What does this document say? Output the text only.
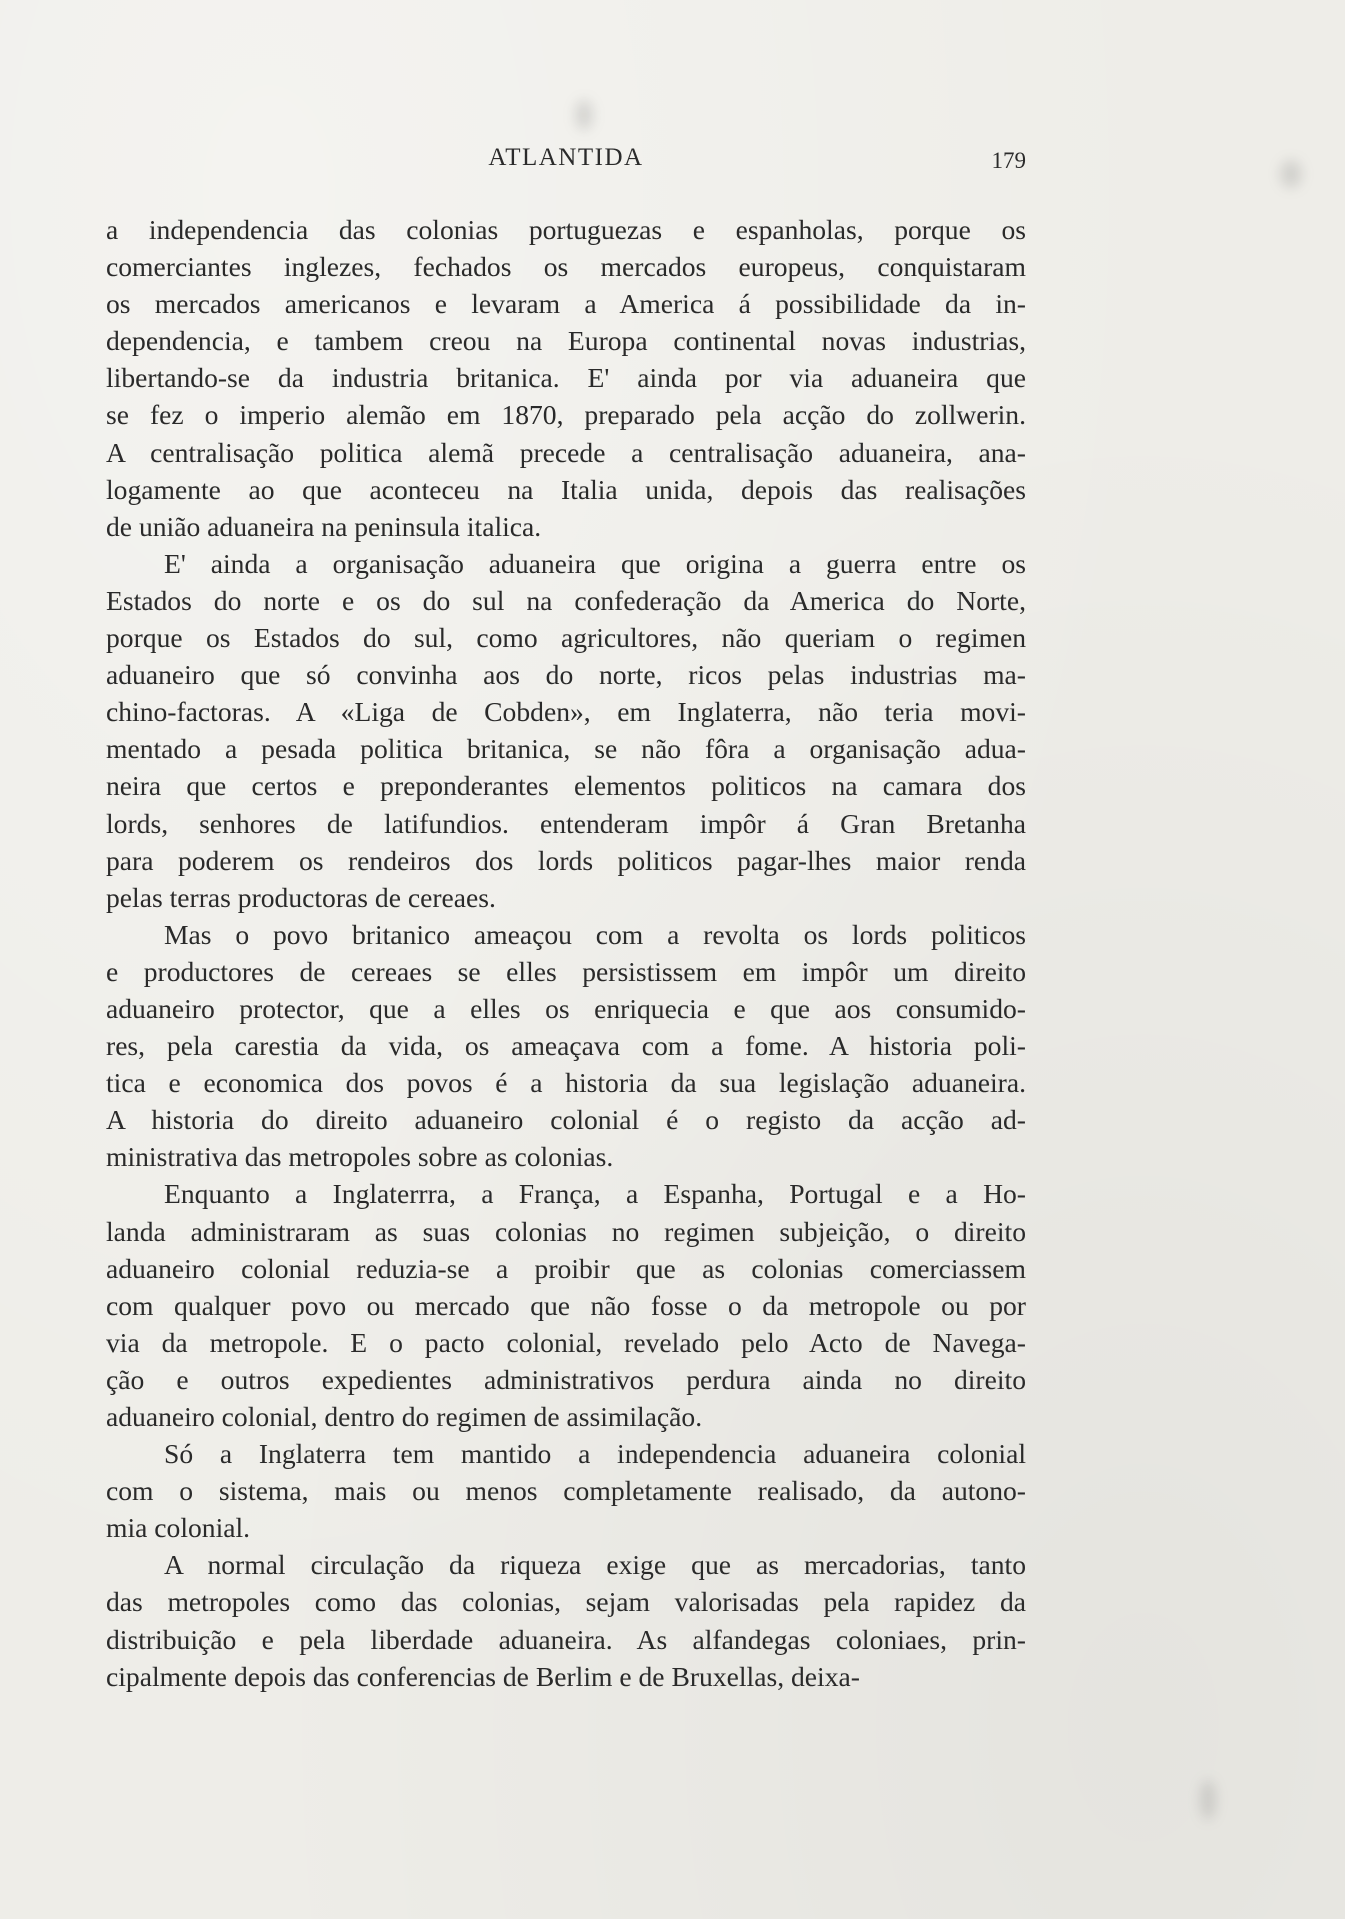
ATLANTIDA	179
a independencia das colonias portuguezas e espanholas, porque os
comerciantes inglezes, fechados os mercados europeus, conquistaram
os mercados americanos e levaram a America á possibilidade da in-
dependencia, e tambem creou na Europa continental novas industrias,
libertando-se da industria britanica. E' ainda por via aduaneira que
se fez o imperio alemão em 1870, preparado pela acção do zollwerin.
A centralisação politica alemã precede a centralisação aduaneira, ana-
logamente ao que aconteceu na Italia unida, depois das realisações
de união aduaneira na peninsula italica.
E' ainda a organisação aduaneira que origina a guerra entre os
Estados do norte e os do sul na confederação da America do Norte,
porque os Estados do sul, como agricultores, não queriam o regimen
aduaneiro que só convinha aos do norte, ricos pelas industrias ma-
chino-factoras. A «Liga de Cobden», em Inglaterra, não teria movi-
mentado a pesada politica britanica, se não fôra a organisação adua-
neira que certos e preponderantes elementos politicos na camara dos
lords, senhores de latifundios. entenderam impôr á Gran Bretanha
para poderem os rendeiros dos lords politicos pagar-lhes maior renda
pelas terras productoras de cereaes.
Mas o povo britanico ameaçou com a revolta os lords politicos
e productores de cereaes se elles persistissem em impôr um direito
aduaneiro protector, que a elles os enriquecia e que aos consumido-
res, pela carestia da vida, os ameaçava com a fome. A historia poli-
tica e economica dos povos é a historia da sua legislação aduaneira.
A historia do direito aduaneiro colonial é o registo da acção ad-
ministrativa das metropoles sobre as colonias.
Enquanto a Inglaterrra, a França, a Espanha, Portugal e a Ho-
landa administraram as suas colonias no regimen subjeição, o direito
aduaneiro colonial reduzia-se a proibir que as colonias comerciassem
com qualquer povo ou mercado que não fosse o da metropole ou por
via da metropole. E o pacto colonial, revelado pelo Acto de Navega-
ção e outros expedientes administrativos perdura ainda no direito
aduaneiro colonial, dentro do regimen de assimilação.
Só a Inglaterra tem mantido a independencia aduaneira colonial
com o sistema, mais ou menos completamente realisado, da autono-
mia colonial.
A normal circulação da riqueza exige que as mercadorias, tanto
das metropoles como das colonias, sejam valorisadas pela rapidez da
distribuição e pela liberdade aduaneira. As alfandegas coloniaes, prin-
cipalmente depois das conferencias de Berlim e de Bruxellas, deixa-
